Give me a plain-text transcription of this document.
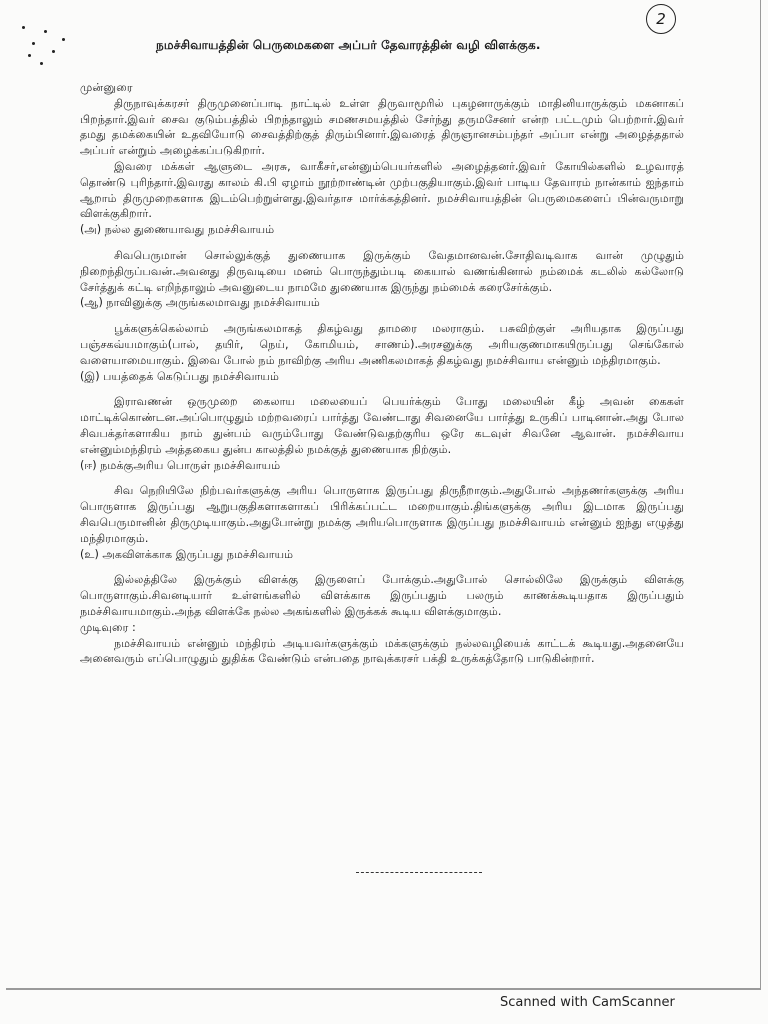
2
நமச்சிவாயத்தின் பெருமைகளை அப்பர் தேவாரத்தின் வழி விளக்குக.

முன்னுரை

திருநாவுக்கரசர் திருமுனைப்பாடி நாட்டில் உள்ள திருவாமூரில் புகழனாருக்கும் மாதினியாருக்கும் மகனாகப் பிறந்தார்.இவர் சைவ குடும்பத்தில் பிறந்தாலும் சமணசமயத்தில் சேர்ந்து தருமசேனர் என்ற பட்டமும் பெற்றார்.இவர் தமது தமக்கையின் உதவியோடு சைவத்திற்குத் திரும்பினார்.இவரைத் திருஞானசம்பந்தர் அப்பா என்று அழைத்ததால் அப்பர் என்றும் அழைக்கப்படுகிறார்.

இவரை மக்கள் ஆளுடை அரசு, வாகீசர்,என்னும்பெயர்களில் அழைத்தனர்.இவர் கோயில்களில் உழவாரத் தொண்டு புரிந்தார்.இவரது காலம் கி.பி ஏழாம் நூற்றாண்டின் முற்பகுதியாகும்.இவர் பாடிய தேவாரம் நான்காம் ஐந்தாம் ஆறாம் திருமுறைகளாக இடம்பெற்றுள்ளது.இவர்தாச மார்க்கத்தினர். நமச்சிவாயத்தின் பெருமைகளைப் பின்வருமாறு விளக்குகிறார்.

(அ) நல்ல துணையாவது நமச்சிவாயம்

சிவபெருமான் சொல்லுக்குத் துணையாக இருக்கும் வேதமானவன்.சோதிவடிவாக வான் முழுதும் நிறைந்திருப்பவன்.அவனது திருவடியை மனம் பொருந்தும்படி கையால் வணங்கினால் நம்மைக் கடலில் கல்லோடு சேர்த்துக் கட்டி எறிந்தாலும் அவனுடைய நாமமே துணையாக இருந்து நம்மைக் கரைசேர்க்கும்.

(ஆ) நாவினுக்கு அருங்கலமாவது நமச்சிவாயம்

பூக்களுக்கெல்லாம் அருங்கலமாகத் திகழ்வது தாமரை மலராகும். பசுவிற்குள் அரியதாக இருப்பது பஞ்சகவ்யமாகும்(பால், தயிர், நெய், கோமியம், சாணம்).அரசனுக்கு அரியகுணமாகயிருப்பது செங்கோல் வளையாமையாகும். இவை போல் நம் நாவிற்கு அரிய அணிகலமாகத் திகழ்வது நமச்சிவாய என்னும் மந்திரமாகும்.

(இ) பயத்தைக் கெடுப்பது நமச்சிவாயம்

இராவணன் ஒருமுறை கைலாய மலையைப் பெயர்க்கும் போது மலையின் கீழ் அவன் கைகள் மாட்டிக்கொண்டன.அப்பொழுதும் மற்றவரைப் பார்த்து வேண்டாது சிவனையே பார்த்து உருகிப் பாடினான்.அது போல சிவபக்தர்களாகிய நாம் துன்பம் வரும்போது வேண்டுவதற்குரிய ஒரே கடவுள் சிவனே ஆவான். நமச்சிவாய என்னும்மந்திரம் அத்தகைய துன்ப காலத்தில் நமக்குத் துணையாக நிற்கும்.

(ஈ) நமக்குஅரிய பொருள் நமச்சிவாயம்

சிவ நெறியிலே நிற்பவர்களுக்கு அரிய பொருளாக இருப்பது திருநீறாகும்.அதுபோல் அந்தணர்களுக்கு அரிய பொருளாக இருப்பது ஆறுபகுதிகளாகளாகப் பிரிக்கப்பட்ட மறையாகும்.திங்களுக்கு அரிய இடமாக இருப்பது சிவபெருமானின் திருமுடியாகும்.அதுபோன்று நமக்கு அரியபொருளாக இருப்பது நமச்சிவாயம் என்னும் ஐந்து எழுத்து மந்திரமாகும்.

(உ) அகவிளக்காக இருப்பது நமச்சிவாயம்

இல்லத்திலே இருக்கும் விளக்கு இருளைப் போக்கும்.அதுபோல் சொல்லிலே இருக்கும் விளக்கு பொருளாகும்.சிவனடியார் உள்ளங்களில் விளக்காக இருப்பதும் பலரும் காணக்கூடியதாக இருப்பதும் நமச்சிவாயமாகும்.அந்த விளக்கே நல்ல அகங்களில் இருக்கக் கூடிய விளக்குமாகும்.

முடிவுரை :

நமச்சிவாயம் என்னும் மந்திரம் அடியவர்களுக்கும் மக்களுக்கும் நல்லவழியைக் காட்டக் கூடியது.அதனையே அனைவரும் எப்பொழுதும் துதிக்க வேண்டும் என்பதை நாவுக்கரசர் பக்தி உருக்கத்தோடு பாடுகின்றார்.

Scanned with CamScanner
